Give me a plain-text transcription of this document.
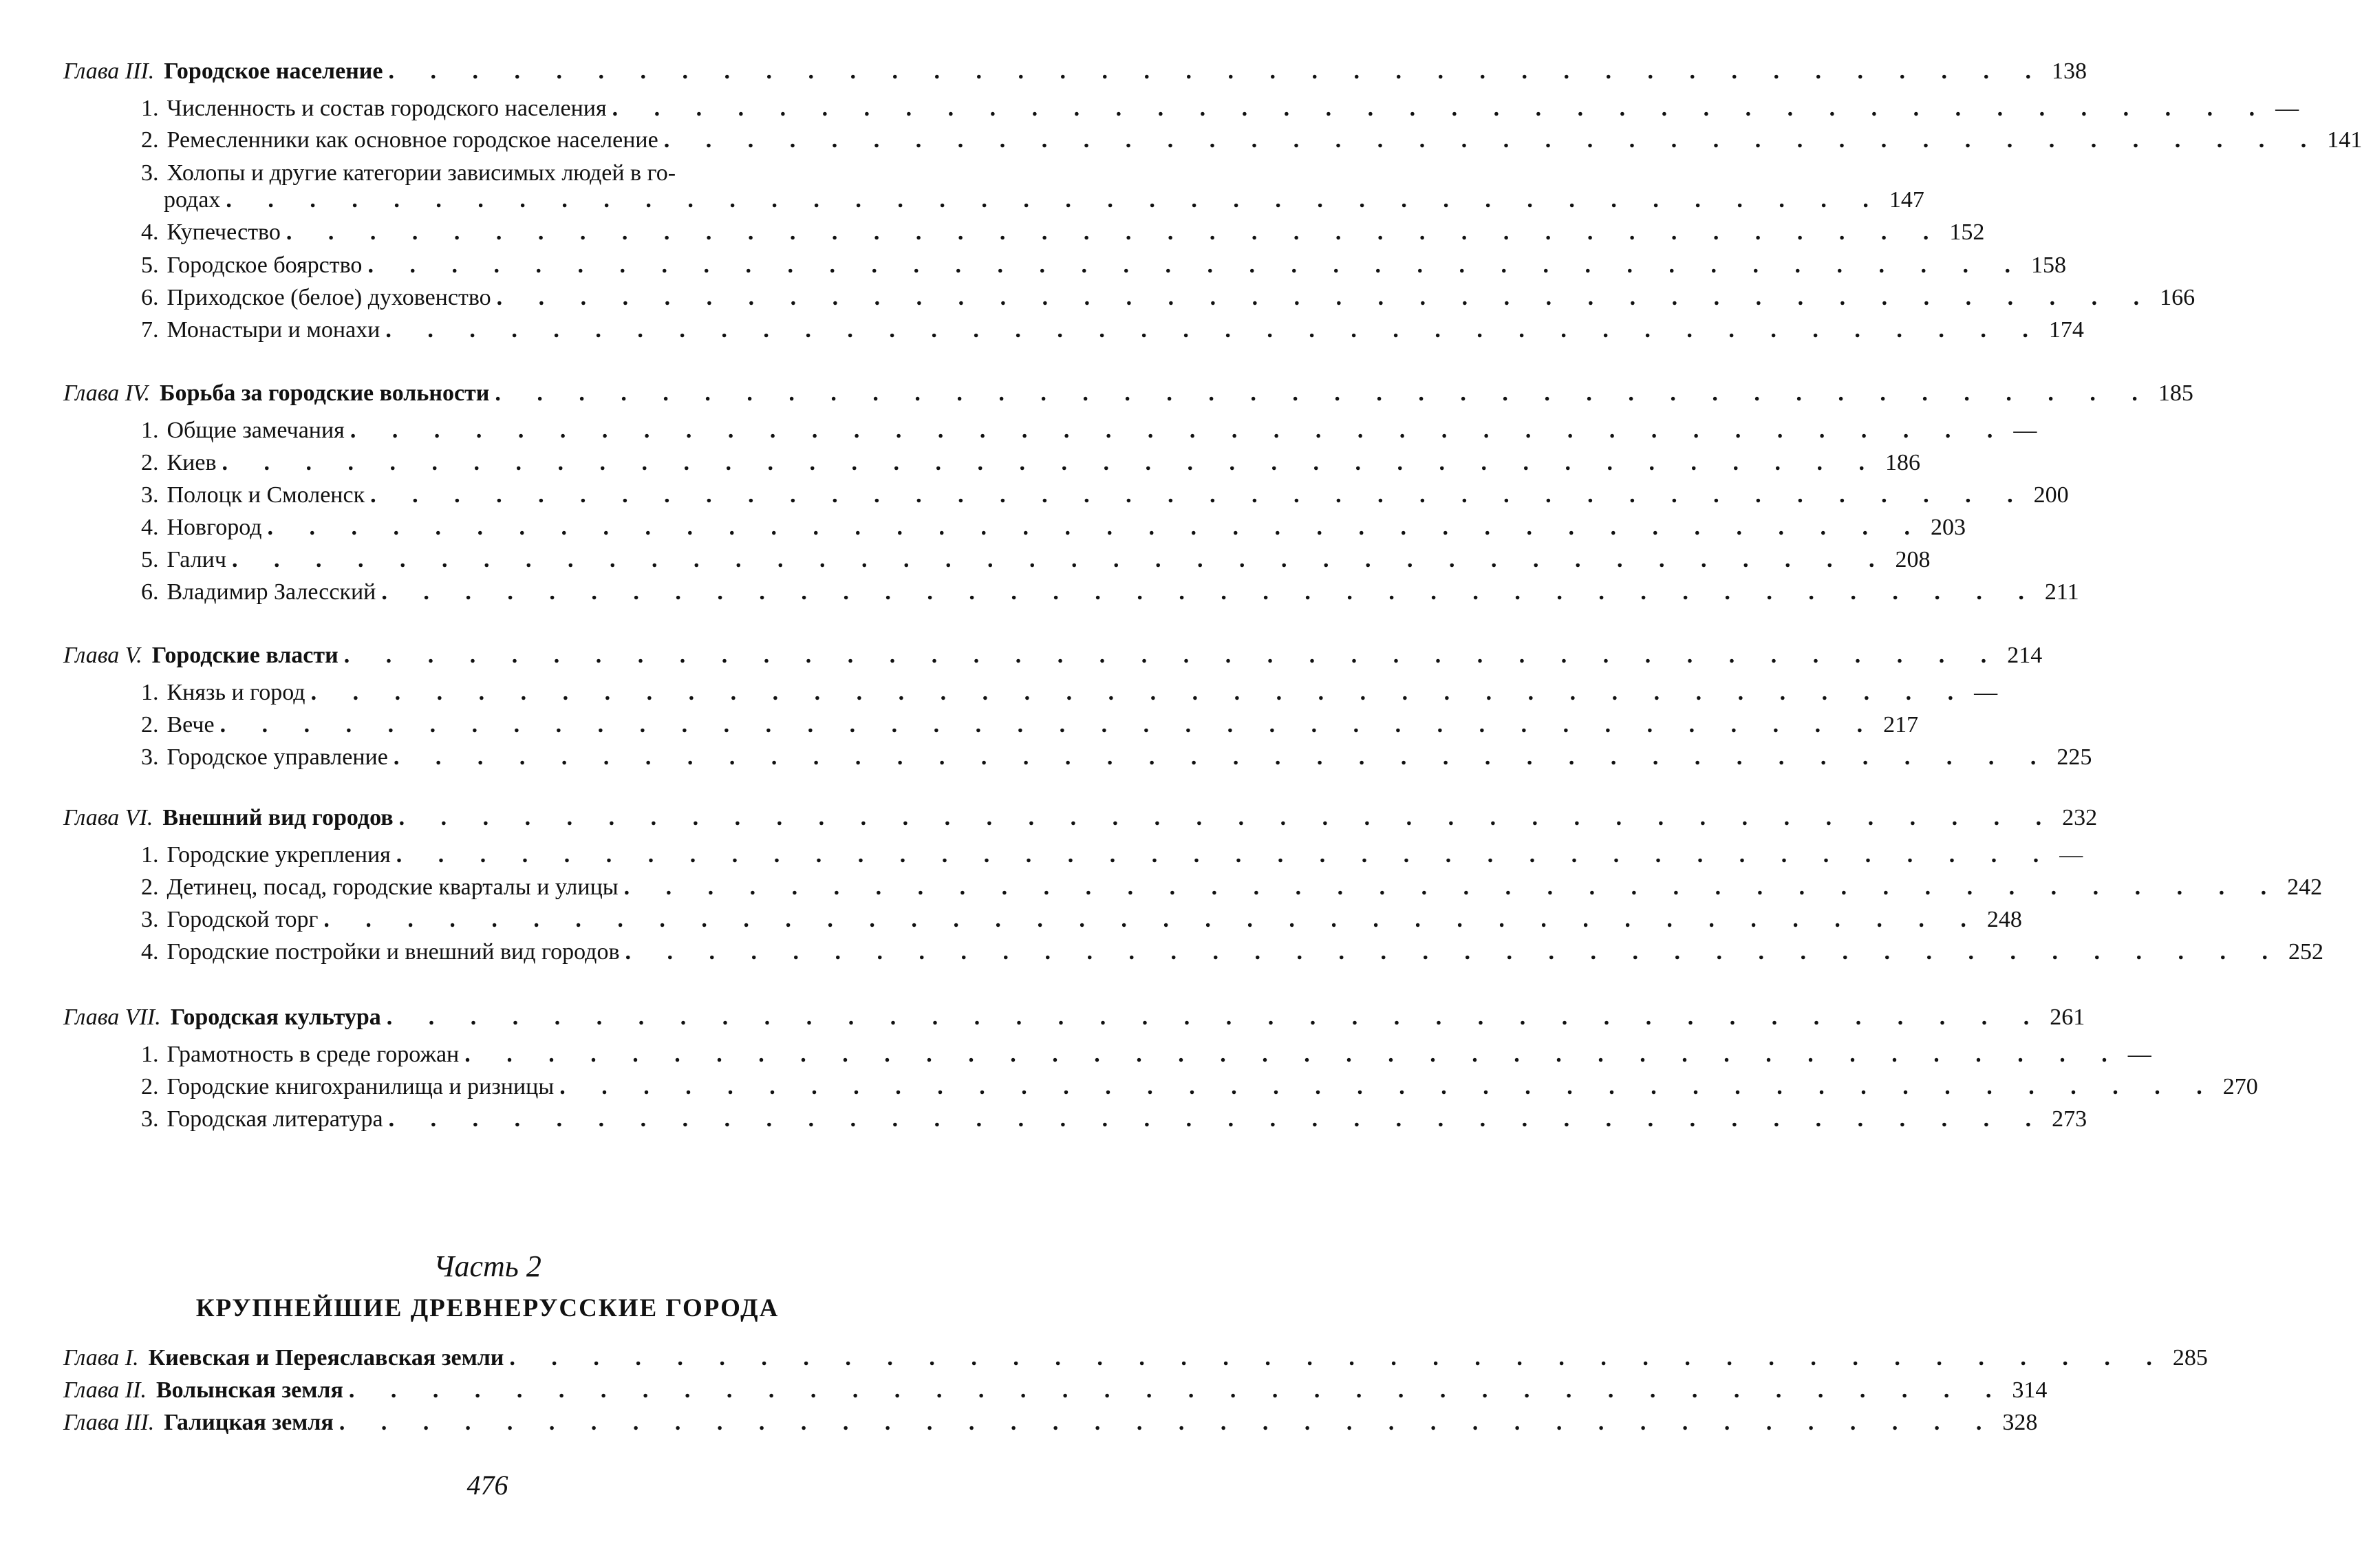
Глава III. Городское население . . . . . . . . . . . . . . . . . . . . . . . . . . . . . . . . . . . . . . . . 138
1. Численность и состав городского населения . . . . . . . . . . . . . . . . . . . . . . . . . . . . . . . . . . . . . . . . —
2. Ремесленники как основное городское население . . . . . . . . . . . . . . . . . . . . . . . . . . . . . . . . . . . . . . . . 141
3. Холопы и другие категории зависимых людей в го-
родах . . . . . . . . . . . . . . . . . . . . . . . . . . . . . . . . . . . . . . . . 147
4. Купечество . . . . . . . . . . . . . . . . . . . . . . . . . . . . . . . . . . . . . . . . 152
5. Городское боярство . . . . . . . . . . . . . . . . . . . . . . . . . . . . . . . . . . . . . . . . 158
6. Приходское (белое) духовенство . . . . . . . . . . . . . . . . . . . . . . . . . . . . . . . . . . . . . . . . 166
7. Монастыри и монахи . . . . . . . . . . . . . . . . . . . . . . . . . . . . . . . . . . . . . . . . 174
Глава IV. Борьба за городские вольности . . . . . . . . . . . . . . . . . . . . . . . . . . . . . . . . . . . . . . . . 185
1. Общие замечания . . . . . . . . . . . . . . . . . . . . . . . . . . . . . . . . . . . . . . . . —
2. Киев . . . . . . . . . . . . . . . . . . . . . . . . . . . . . . . . . . . . . . . . 186
3. Полоцк и Смоленск . . . . . . . . . . . . . . . . . . . . . . . . . . . . . . . . . . . . . . . . 200
4. Новгород . . . . . . . . . . . . . . . . . . . . . . . . . . . . . . . . . . . . . . . . 203
5. Галич . . . . . . . . . . . . . . . . . . . . . . . . . . . . . . . . . . . . . . . . 208
6. Владимир Залесский . . . . . . . . . . . . . . . . . . . . . . . . . . . . . . . . . . . . . . . . 211
Глава V. Городские власти . . . . . . . . . . . . . . . . . . . . . . . . . . . . . . . . . . . . . . . . 214
1. Князь и город . . . . . . . . . . . . . . . . . . . . . . . . . . . . . . . . . . . . . . . . —
2. Вече . . . . . . . . . . . . . . . . . . . . . . . . . . . . . . . . . . . . . . . . 217
3. Городское управление . . . . . . . . . . . . . . . . . . . . . . . . . . . . . . . . . . . . . . . . 225
Глава VI. Внешний вид городов . . . . . . . . . . . . . . . . . . . . . . . . . . . . . . . . . . . . . . . . 232
1. Городские укрепления . . . . . . . . . . . . . . . . . . . . . . . . . . . . . . . . . . . . . . . . —
2. Детинец, посад, городские кварталы и улицы . . . . . . . . . . . . . . . . . . . . . . . . . . . . . . . . . . . . . . . . 242
3. Городской торг . . . . . . . . . . . . . . . . . . . . . . . . . . . . . . . . . . . . . . . . 248
4. Городские постройки и внешний вид городов . . . . . . . . . . . . . . . . . . . . . . . . . . . . . . . . . . . . . . . . 252
Глава VII. Городская культура . . . . . . . . . . . . . . . . . . . . . . . . . . . . . . . . . . . . . . . . 261
1. Грамотность в среде горожан . . . . . . . . . . . . . . . . . . . . . . . . . . . . . . . . . . . . . . . . —
2. Городские книгохранилища и ризницы . . . . . . . . . . . . . . . . . . . . . . . . . . . . . . . . . . . . . . . . 270
3. Городская литература . . . . . . . . . . . . . . . . . . . . . . . . . . . . . . . . . . . . . . . . 273
Часть 2
КРУПНЕЙШИЕ ДРЕВНЕРУССКИЕ ГОРОДА
Глава I. Киевская и Переяславская земли . . . . . . . . . . . . . . . . . . . . . . . . . . . . . . . . . . . . . . . . 285
Глава II. Волынская земля . . . . . . . . . . . . . . . . . . . . . . . . . . . . . . . . . . . . . . . . 314
Глава III. Галицкая земля . . . . . . . . . . . . . . . . . . . . . . . . . . . . . . . . . . . . . . . . 328
476
